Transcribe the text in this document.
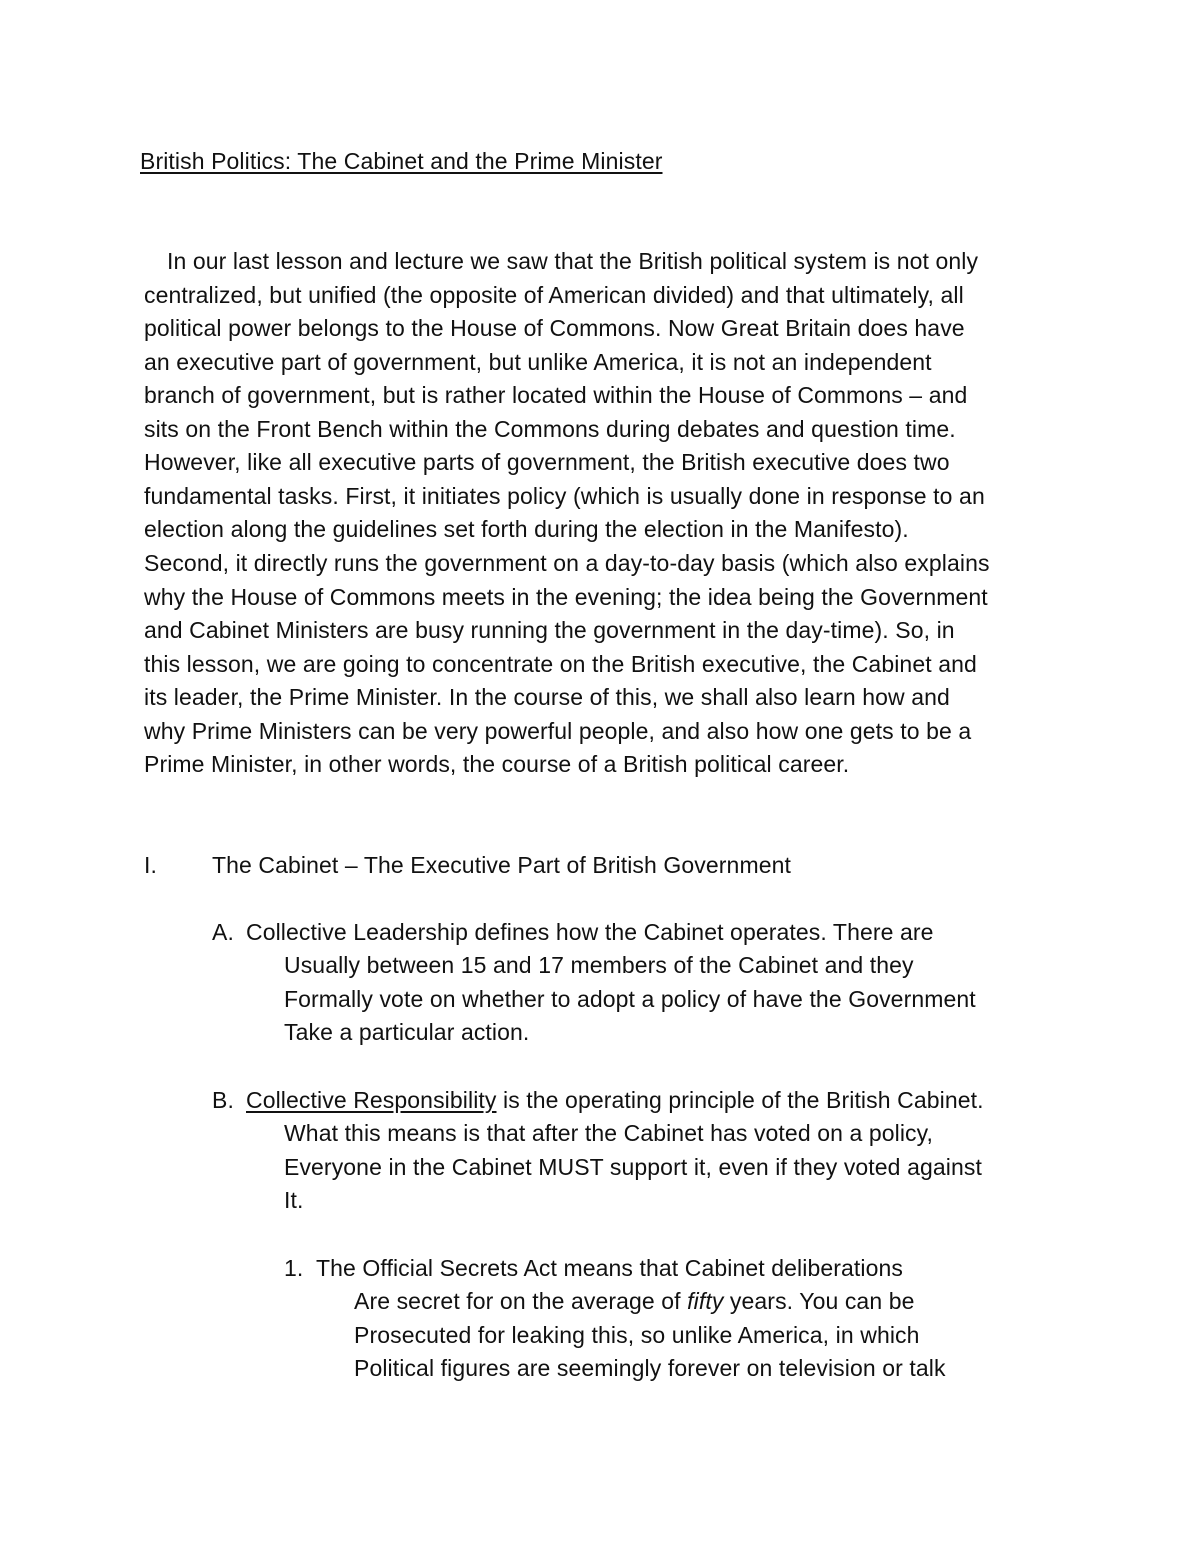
British Politics: The Cabinet and the Prime Minister
In our last lesson and lecture we saw that the British political system is not only
centralized, but unified (the opposite of American divided) and that ultimately, all
political power belongs to the House of Commons. Now Great Britain does have
an executive part of government, but unlike America, it is not an independent
branch of government, but is rather located within the House of Commons – and
sits on the Front Bench within the Commons during debates and question time.
However, like all executive parts of government, the British executive does two
fundamental tasks. First, it initiates policy (which is usually done in response to an
election along the guidelines set forth during the election in the Manifesto).
Second, it directly runs the government on a day-to-day basis (which also explains
why the House of Commons meets in the evening; the idea being the Government
and Cabinet Ministers are busy running the government in the day-time). So, in
this lesson, we are going to concentrate on the British executive, the Cabinet and
its leader, the Prime Minister. In the course of this, we shall also learn how and
why Prime Ministers can be very powerful people, and also how one gets to be a
Prime Minister, in other words, the course of a British political career.
I. The Cabinet – The Executive Part of British Government
A. Collective Leadership defines how the Cabinet operates. There are
Usually between 15 and 17 members of the Cabinet and they
Formally vote on whether to adopt a policy of have the Government
Take a particular action.
B. Collective Responsibility is the operating principle of the British Cabinet.
What this means is that after the Cabinet has voted on a policy,
Everyone in the Cabinet MUST support it, even if they voted against
It.
1. The Official Secrets Act means that Cabinet deliberations
Are secret for on the average of fifty years. You can be
Prosecuted for leaking this, so unlike America, in which
Political figures are seemingly forever on television or talk
